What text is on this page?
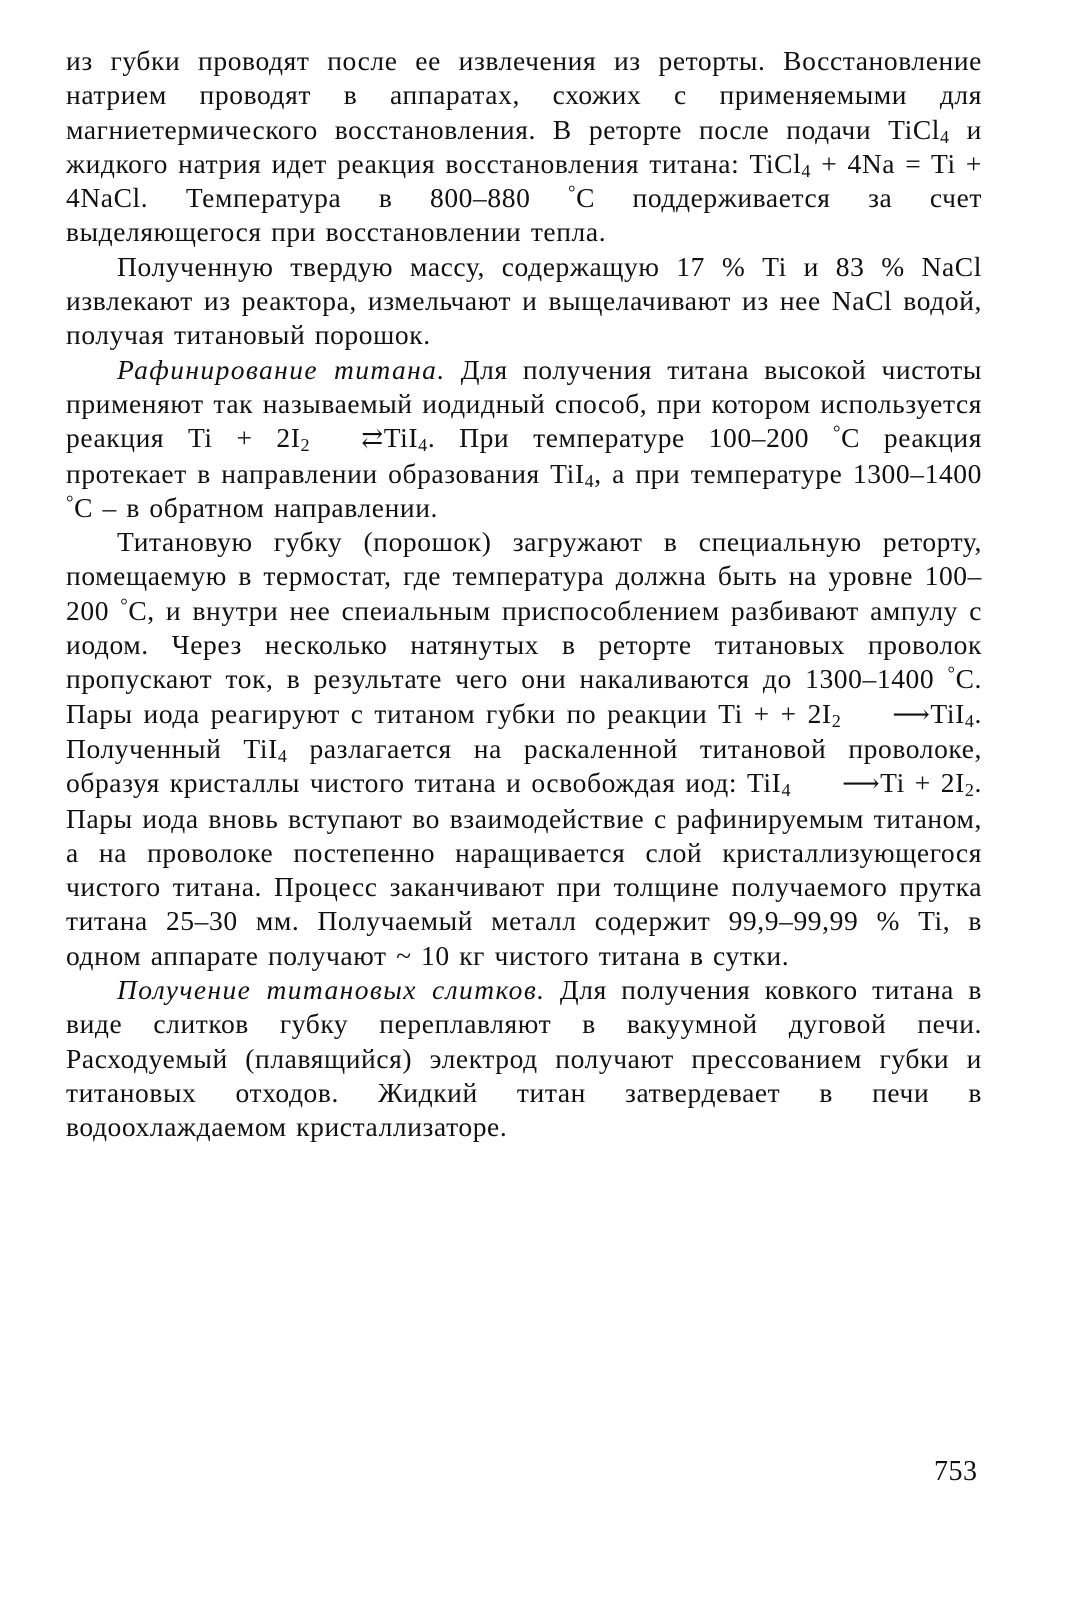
из губки проводят после ее извлечения из реторты. Восстановление натрием проводят в аппаратах, схожих с применяемыми для магниетермического восстановления. В реторте после подачи TiCl$_4$ и жидкого натрия идет реакция восстановления титана: TiCl$_4$ + 4Na = Ti + 4NaCl. Температура в 800–880 °C поддерживается за счет выделяющегося при восстановлении тепла.

Полученную твердую массу, содержащую 17 % Ti и 83 % NaCl извлекают из реактора, измельчают и выщелачивают из нее NaCl водой, получая титановый порошок.

Рафинирование титана. Для получения титана высокой чистоты применяют так называемый иодидный способ, при котором используется реакция $Ti + 2I_2⇄TiI_4$. При температуре 100–200 °C реакция протекает в направлении образования TiI$_4$, а при температуре 1300–1400 °C – в обратном направлении.

Титановую губку (порошок) загружают в специальную реторту, помещаемую в термостат, где температура должна быть на уровне 100–200 °C, и внутри нее спеиальным приспособлением разбивают ампулу с иодом. Через несколько натянутых в реторте титановых проволок пропускают ток, в результате чего они накаливаются до 1300–1400 °C. Пары иода реагируют с титаном губки по реакции Ti + + $2I_2⟶TiI_4$. Полученный TiI$_4$ разлагается на раскаленной титановой проволоке, образуя кристаллы чистого титана и освобождая иод: TiI$_4$⟶Ti + $2I_2$. Пары иода вновь вступают во взаимодействие с рафинируемым титаном, а на проволоке постепенно наращивается слой кристаллизующегося чистого титана. Процесс заканчивают при толщине получаемого прутка титана 25–30 мм. Получаемый металл содержит 99,9–99,99 % Ti, в одном аппарате получают ~ 10 кг чистого титана в сутки.

Получение титановых слитков. Для получения ковкого титана в виде слитков губку переплавляют в вакуумной дуговой печи. Расходуемый (плавящийся) электрод получают прессованием губки и титановых отходов. Жидкий титан затвердевает в печи в водоохлаждаемом кристаллизаторе.

753
